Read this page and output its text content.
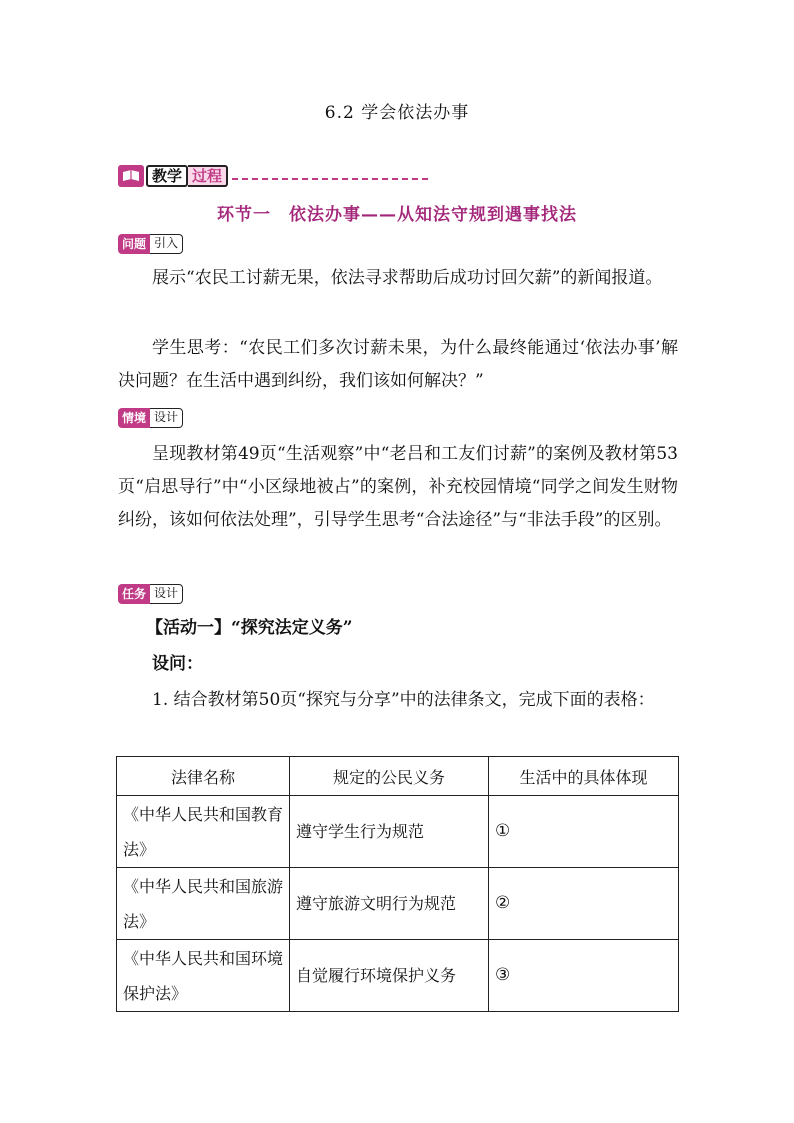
6.2 学会依法办事
教学 过程
环节一　依法办事——从知法守规到遇事找法
问题 引入
展示“农民工讨薪无果，依法寻求帮助后成功讨回欠薪”的新闻报道。
学生思考：“农民工们多次讨薪未果，为什么最终能通过‘依法办事’解决问题？在生活中遇到纠纷，我们该如何解决？”
情境 设计
呈现教材第49页“生活观察”中“老吕和工友们讨薪”的案例及教材第53页“启思导行”中“小区绿地被占”的案例，补充校园情境“同学之间发生财物纠纷，该如何依法处理”，引导学生思考“合法途径”与“非法手段”的区别。
任务 设计
【活动一】“探究法定义务”
设问：
1. 结合教材第50页“探究与分享”中的法律条文，完成下面的表格：
法律名称	规定的公民义务	生活中的具体体现
《中华人民共和国教育法》	遵守学生行为规范	①
《中华人民共和国旅游法》	遵守旅游文明行为规范	②
《中华人民共和国环境保护法》	自觉履行环境保护义务	③
